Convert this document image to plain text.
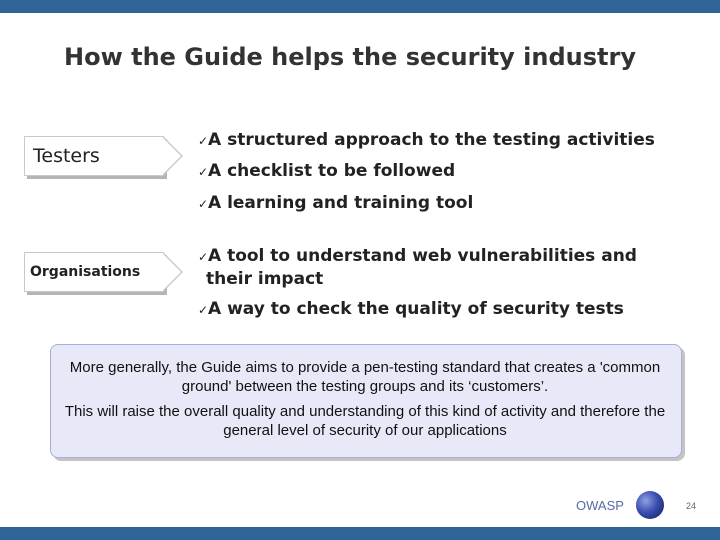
How the Guide helps the security industry
Testers
Organisations
✓A structured approach to the testing activities
✓A checklist to be followed
✓A learning and training tool
✓A tool to understand web vulnerabilities and
their impact
✓A way to check the quality of security tests
More generally, the Guide aims to provide a pen-testing standard that creates a 'common ground' between the testing groups and its ‘customers’.
This will raise the overall quality and understanding of this kind of activity and therefore the general level of security of our applications
OWASP	24
